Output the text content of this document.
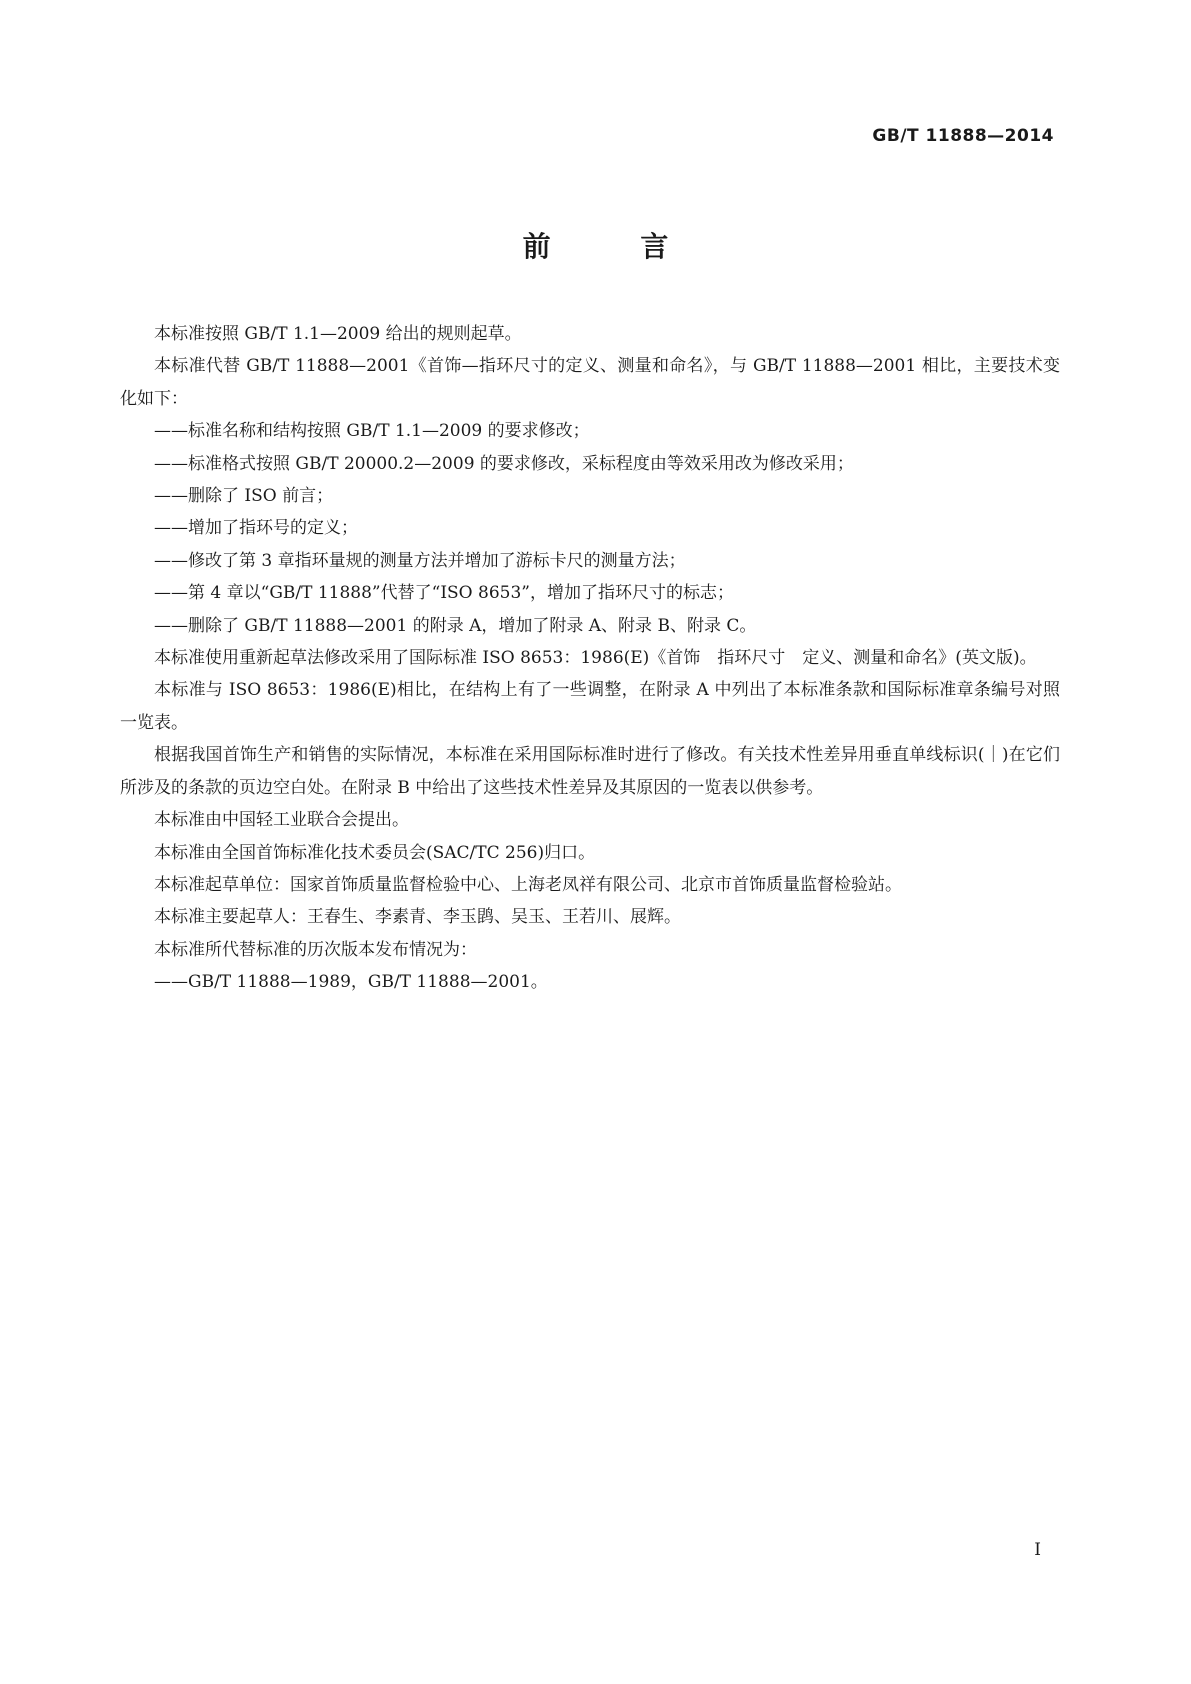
GB/T 11888—2014
前 言

本标准按照 GB/T 1.1—2009 给出的规则起草。

本标准代替 GB/T 11888—2001《首饰—指环尺寸的定义、测量和命名》，与 GB/T 11888—2001 相比，主要技术变化如下：

——标准名称和结构按照 GB/T 1.1—2009 的要求修改；

——标准格式按照 GB/T 20000.2—2009 的要求修改，采标程度由等效采用改为修改采用；

——删除了 ISO 前言；

——增加了指环号的定义；

——修改了第 3 章指环量规的测量方法并增加了游标卡尺的测量方法；

——第 4 章以“GB/T 11888”代替了“ISO 8653”，增加了指环尺寸的标志；

——删除了 GB/T 11888—2001 的附录 A，增加了附录 A、附录 B、附录 C。

本标准使用重新起草法修改采用了国际标准 ISO 8653：1986(E)《首饰　指环尺寸　定义、测量和命名》(英文版)。

本标准与 ISO 8653：1986(E)相比，在结构上有了一些调整，在附录 A 中列出了本标准条款和国际标准章条编号对照一览表。

根据我国首饰生产和销售的实际情况，本标准在采用国际标准时进行了修改。有关技术性差异用垂直单线标识(｜)在它们所涉及的条款的页边空白处。在附录 B 中给出了这些技术性差异及其原因的一览表以供参考。

本标准由中国轻工业联合会提出。

本标准由全国首饰标准化技术委员会(SAC/TC 256)归口。

本标准起草单位：国家首饰质量监督检验中心、上海老凤祥有限公司、北京市首饰质量监督检验站。

本标准主要起草人：王春生、李素青、李玉鹍、吴玉、王若川、展辉。

本标准所代替标准的历次版本发布情况为：

——GB/T 11888—1989，GB/T 11888—2001。

I
